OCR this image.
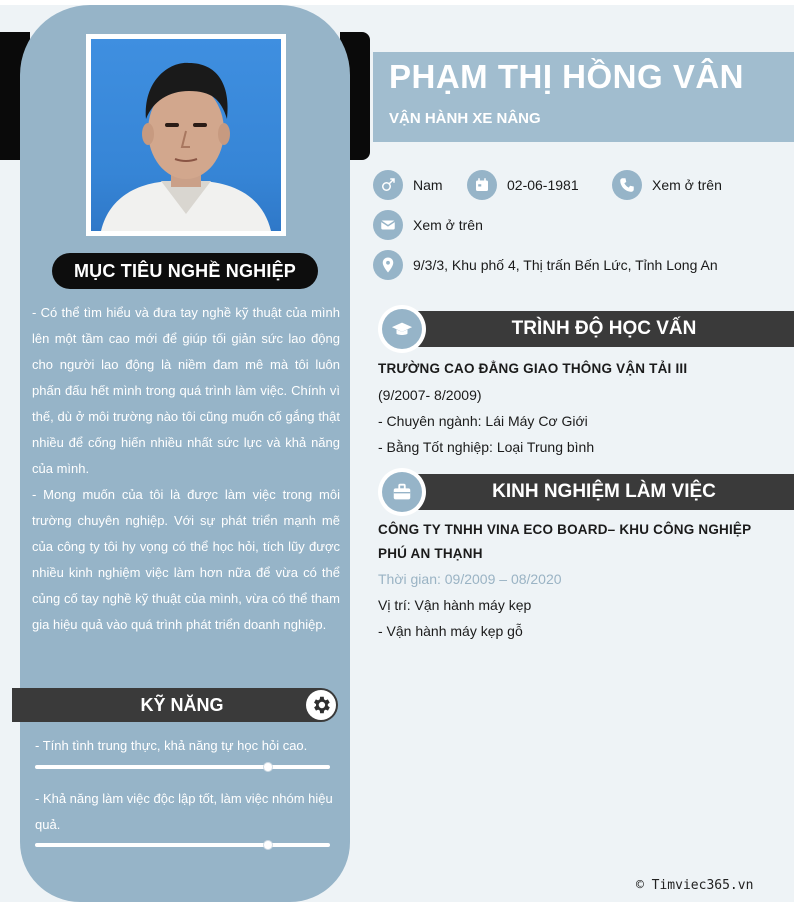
MỤC TIÊU NGHỀ NGHIỆP

- Có thể tìm hiểu và đưa tay nghề kỹ thuật của mình lên một tầm cao mới để giúp tối giản sức lao động cho người lao động là niềm đam mê mà tôi luôn phấn đấu hết mình trong quá trình làm việc. Chính vì thế, dù ở môi trường nào tôi cũng muốn cố gắng thật nhiều để cống hiến nhiều nhất sức lực và khả năng của mình.

- Mong muốn của tôi là được làm việc trong môi trường chuyên nghiệp. Với sự phát triển mạnh mẽ của công ty tôi hy vọng có thể học hỏi, tích lũy được nhiều kinh nghiệm việc làm hơn nữa để vừa có thể củng cố tay nghề kỹ thuật của mình, vừa có thể tham gia hiệu quả vào quá trình phát triển doanh nghiệp.

KỸ NĂNG
- Tính tình trung thực, khả năng tự học hỏi cao.
- Khả năng làm việc độc lập tốt, làm việc nhóm hiệu quả.
PHẠM THỊ HỒNG VÂN
VẬN HÀNH XE NÂNG
Nam	02-06-1981	Xem ở trên
Xem ở trên
9/3/3, Khu phố 4, Thị trấn Bến Lức, Tỉnh Long An
TRÌNH ĐỘ HỌC VẤN
TRƯỜNG CAO ĐẲNG GIAO THÔNG VẬN TẢI III
(9/2007- 8/2009)
- Chuyên ngành: Lái Máy Cơ Giới
- Bằng Tốt nghiệp: Loại Trung bình
KINH NGHIỆM LÀM VIỆC
CÔNG TY TNHH VINA ECO BOARD– KHU CÔNG NGHIỆP PHÚ AN THẠNH
Thời gian: 09/2009 – 08/2020
Vị trí: Vận hành máy kẹp
- Vận hành máy kẹp gỗ
© Timviec365.vn
